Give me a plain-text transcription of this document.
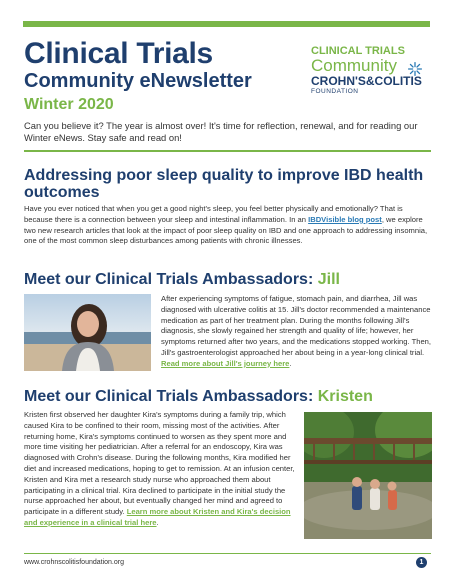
Clinical Trials
Community eNewsletter
Winter 2020
CLINICAL TRIALS
Community
CROHN'S&COLITIS
FOUNDATION
Can you believe it? The year is almost over! It's time for reflection, renewal, and for reading our Winter eNews. Stay safe and read on!
Addressing poor sleep quality to improve IBD health outcomes
Have you ever noticed that when you get a good night's sleep, you feel better physically and emotionally? That is because there is a connection between your sleep and intestinal inflammation. In an IBDVisible blog post, we explore two new research articles that look at the impact of poor sleep quality on IBD and one approach to addressing insomnia, one of the most common sleep disturbances among patients with chronic illnesses.
Meet our Clinical Trials Ambassadors: Jill
After experiencing symptoms of fatigue, stomach pain, and diarrhea, Jill was diagnosed with ulcerative colitis at 15. Jill's doctor recommended a maintenance medication as part of her treatment plan. During the months following Jill's diagnosis, she slowly regained her strength and quality of life; however, her symptoms returned after two years, and the medications stopped working. Then, Jill's gastroenterologist approached her about being in a year-long clinical trial. Read more about Jill's journey here.
Meet our Clinical Trials Ambassadors: Kristen
Kristen first observed her daughter Kira's symptoms during a family trip, which caused Kira to be confined to their room, missing most of the activities. After returning home, Kira's symptoms continued to worsen as they spent more and more time visiting her pediatrician. After a referral for an endoscopy, Kira was diagnosed with Crohn's disease. During the following months, Kira modified her diet and increased medications, hoping to get to remission. At an infusion center, Kristen and Kira met a research study nurse who approached them about participating in a clinical trial. Kira declined to participate in the initial study the nurse approached her about, but eventually changed her mind and agreed to participate in a different study. Learn more about Kristen and Kira's decision and experience in a clinical trial here.
www.crohnscolitisfoundation.org	1
